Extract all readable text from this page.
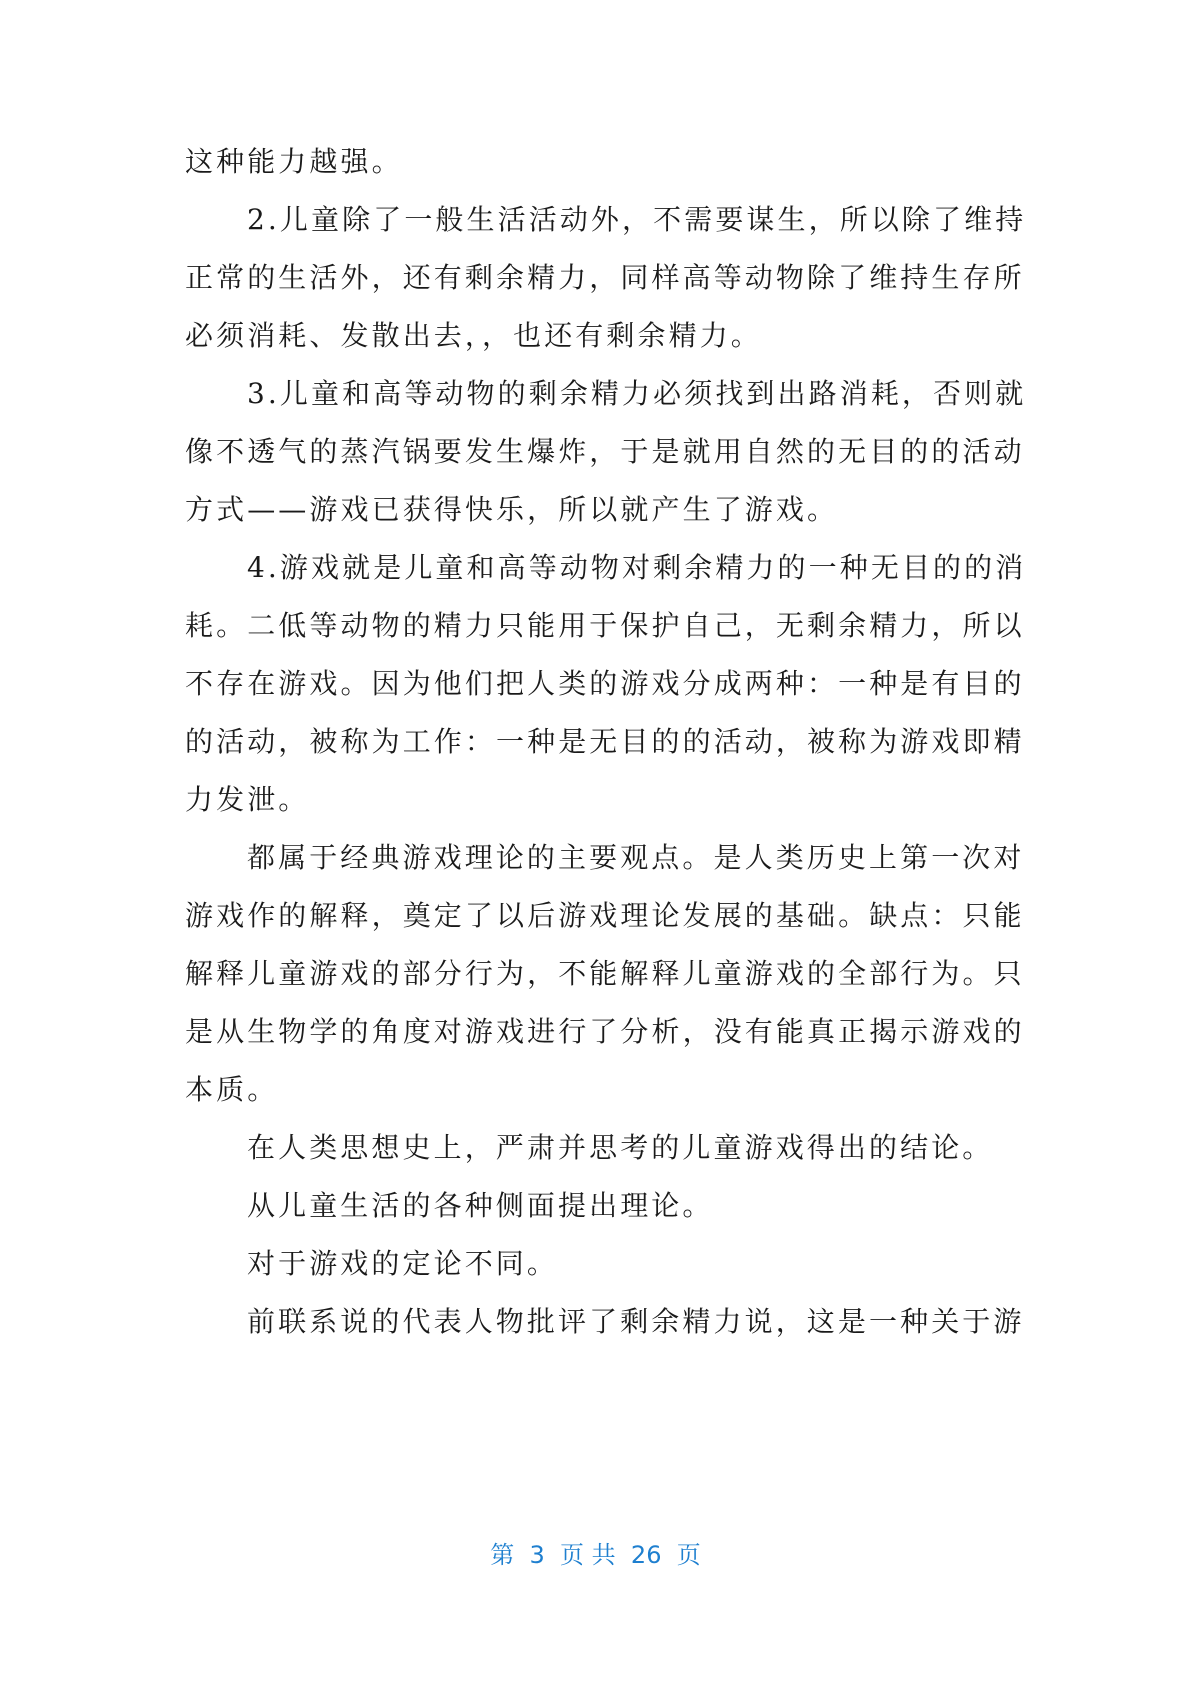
这种能力越强。
2.儿童除了一般生活活动外，不需要谋生，所以除了维持
正常的生活外，还有剩余精力，同样高等动物除了维持生存所
必须消耗、发散出去，，也还有剩余精力。
3.儿童和高等动物的剩余精力必须找到出路消耗，否则就
像不透气的蒸汽锅要发生爆炸，于是就用自然的无目的的活动
方式——游戏已获得快乐，所以就产生了游戏。
4.游戏就是儿童和高等动物对剩余精力的一种无目的的消
耗。二低等动物的精力只能用于保护自己，无剩余精力，所以
不存在游戏。因为他们把人类的游戏分成两种：一种是有目的
的活动，被称为工作：一种是无目的的活动，被称为游戏即精
力发泄。
都属于经典游戏理论的主要观点。是人类历史上第一次对
游戏作的解释，奠定了以后游戏理论发展的基础。缺点：只能
解释儿童游戏的部分行为，不能解释儿童游戏的全部行为。只
是从生物学的角度对游戏进行了分析，没有能真正揭示游戏的
本质。
在人类思想史上，严肃并思考的儿童游戏得出的结论。
从儿童生活的各种侧面提出理论。
对于游戏的定论不同。
前联系说的代表人物批评了剩余精力说，这是一种关于游
第  3  页 共  26  页
